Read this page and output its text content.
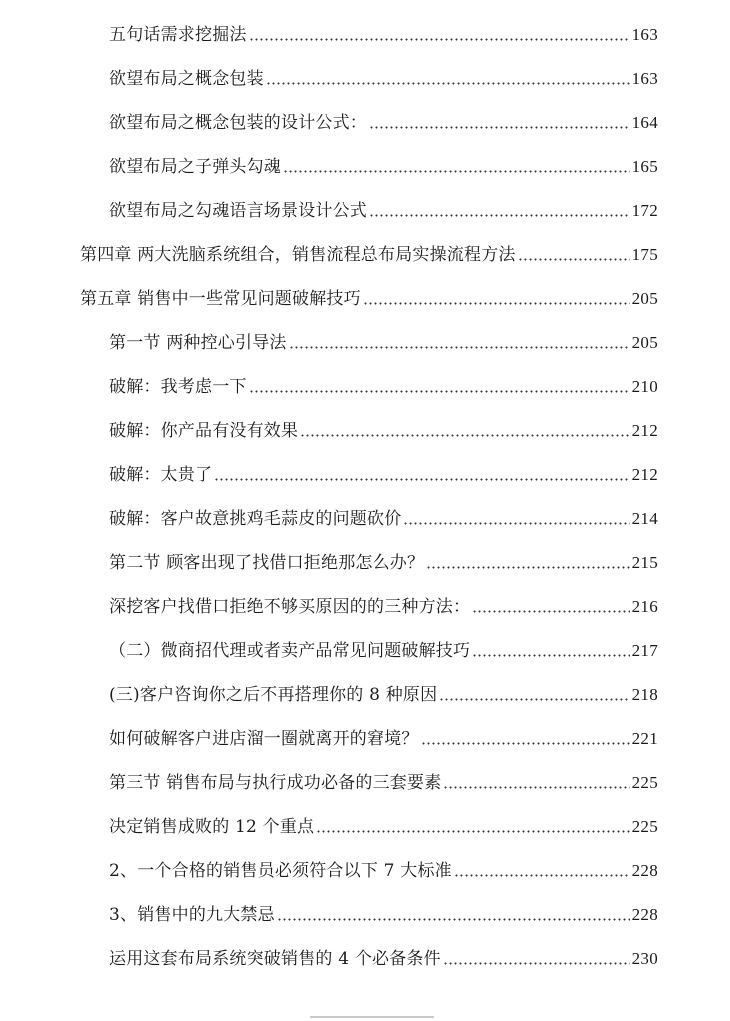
五句话需求挖掘法	163
欲望布局之概念包装	163
欲望布局之概念包装的设计公式：	164
欲望布局之子弹头勾魂	165
欲望布局之勾魂语言场景设计公式	172
第四章 两大洗脑系统组合，销售流程总布局实操流程方法	175
第五章 销售中一些常见问题破解技巧	205
第一节 两种控心引导法	205
破解：我考虑一下	210
破解：你产品有没有效果	212
破解：太贵了	212
破解：客户故意挑鸡毛蒜皮的问题砍价	214
第二节 顾客出现了找借口拒绝那怎么办？	215
深挖客户找借口拒绝不够买原因的的三种方法：	216
（二）微商招代理或者卖产品常见问题破解技巧	217
(三)客户咨询你之后不再搭理你的 8 种原因	218
如何破解客户进店溜一圈就离开的窘境？	221
第三节 销售布局与执行成功必备的三套要素	225
决定销售成败的 12 个重点	225
2、一个合格的销售员必须符合以下 7 大标准	228
3、销售中的九大禁忌	228
运用这套布局系统突破销售的 4 个必备条件	230
